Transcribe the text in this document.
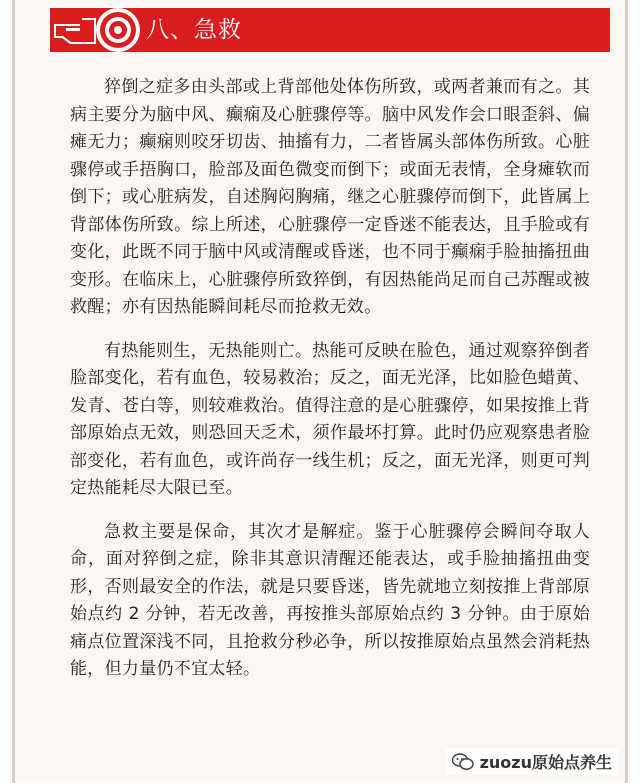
八、急救

猝倒之症多由头部或上背部他处体伤所致，或两者兼而有之。其病主要分为脑中风、癫痫及心脏骤停等。脑中风发作会口眼歪斜、偏瘫无力；癫痫则咬牙切齿、抽搐有力，二者皆属头部体伤所致。心脏骤停或手捂胸口，脸部及面色微变而倒下；或面无表情，全身瘫软而倒下；或心脏病发，自述胸闷胸痛，继之心脏骤停而倒下，此皆属上背部体伤所致。综上所述，心脏骤停一定昏迷不能表达，且手脸或有变化，此既不同于脑中风或清醒或昏迷，也不同于癫痫手脸抽搐扭曲变形。在临床上，心脏骤停所致猝倒，有因热能尚足而自己苏醒或被救醒；亦有因热能瞬间耗尽而抢救无效。

有热能则生，无热能则亡。热能可反映在脸色，通过观察猝倒者脸部变化，若有血色，较易救治；反之，面无光泽，比如脸色蜡黄、发青、苍白等，则较难救治。值得注意的是心脏骤停，如果按推上背部原始点无效，则恐回天乏术，须作最坏打算。此时仍应观察患者脸部变化，若有血色，或许尚存一线生机；反之，面无光泽，则更可判定热能耗尽大限已至。

急救主要是保命，其次才是解症。鉴于心脏骤停会瞬间夺取人命，面对猝倒之症，除非其意识清醒还能表达，或手脸抽搐扭曲变形，否则最安全的作法，就是只要昏迷，皆先就地立刻按推上背部原始点约 2 分钟，若无改善，再按推头部原始点约 3 分钟。由于原始痛点位置深浅不同，且抢救分秒必争，所以按推原始点虽然会消耗热能，但力量仍不宜太轻。

zuozu原始点养生
